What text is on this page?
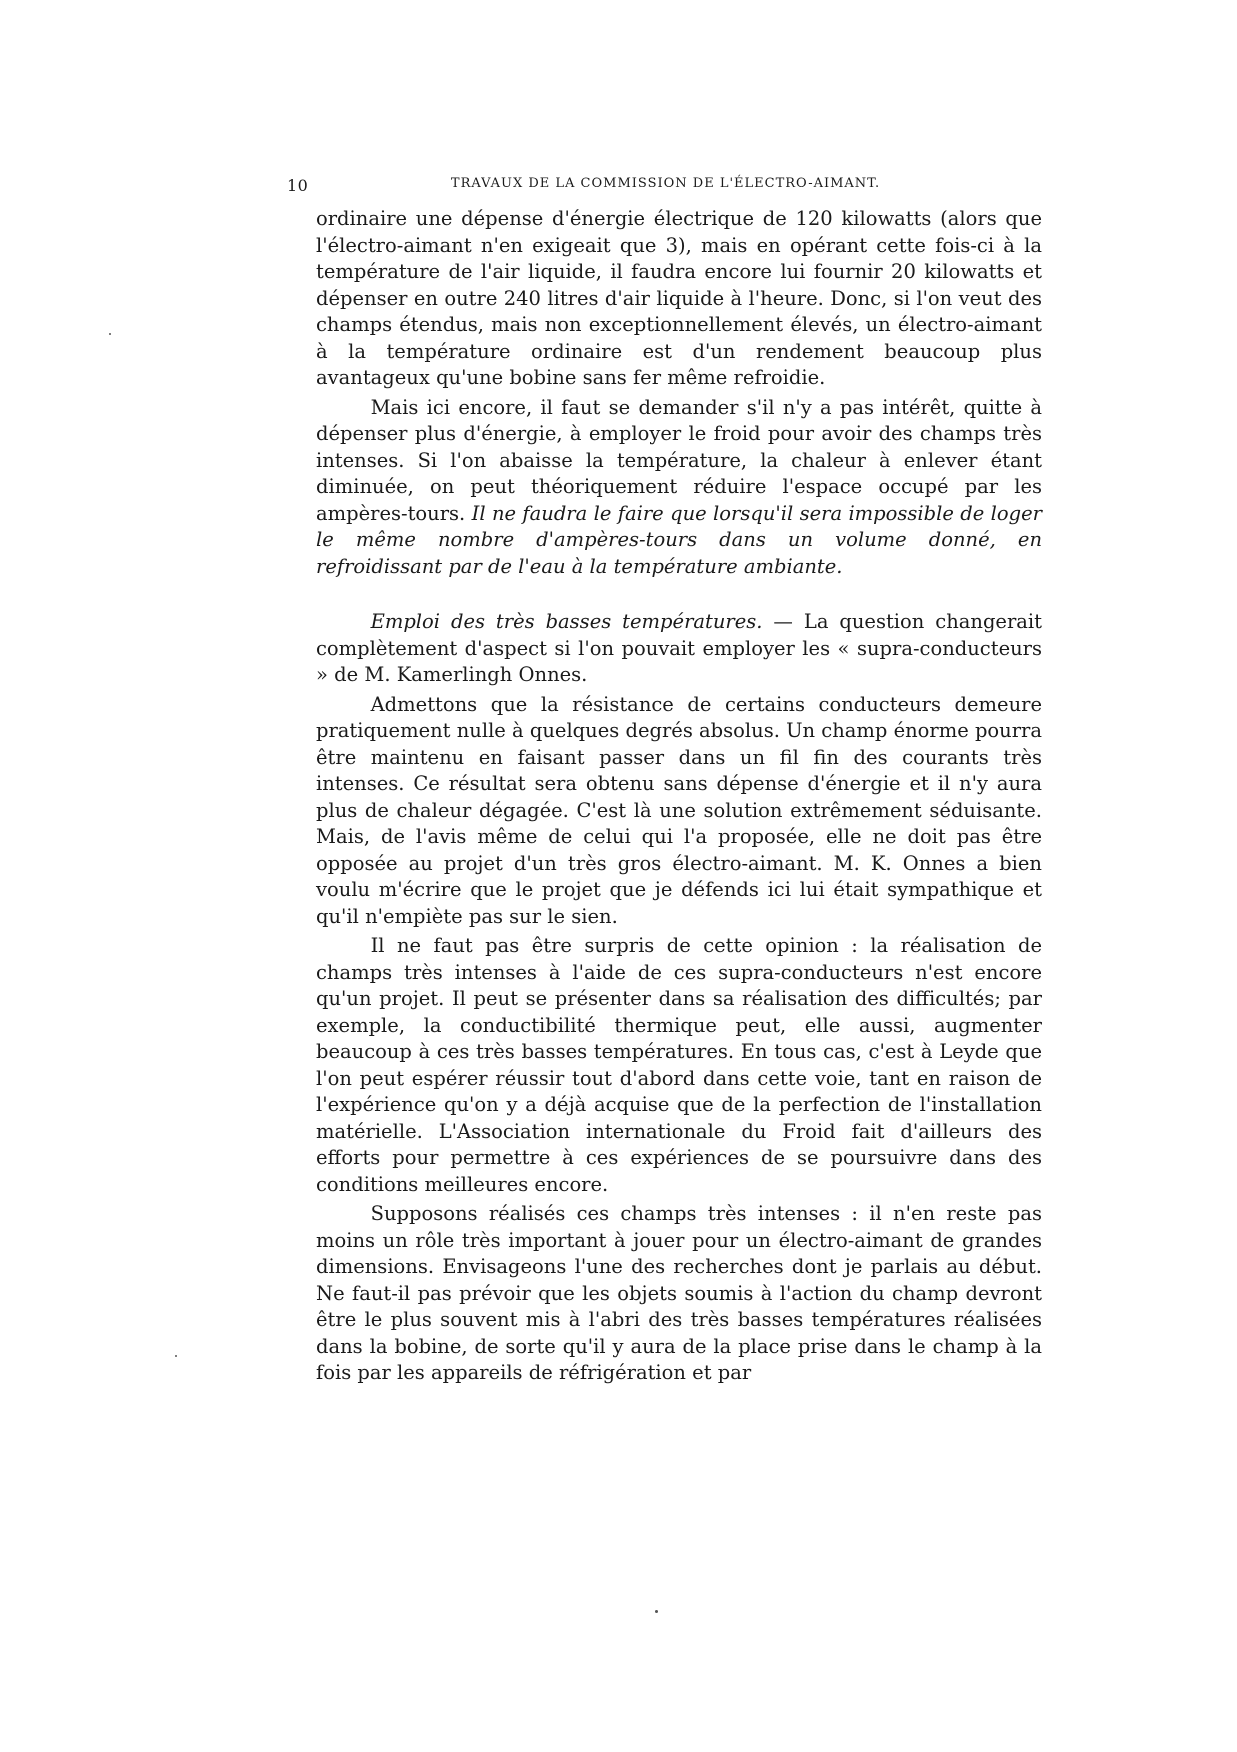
10	TRAVAUX DE LA COMMISSION DE L'ÉLECTRO-AIMANT.

ordinaire une dépense d'énergie électrique de 120 kilowatts (alors que l'électro-aimant n'en exigeait que 3), mais en opérant cette fois-ci à la température de l'air liquide, il faudra encore lui fournir 20 kilowatts et dépenser en outre 240 litres d'air liquide à l'heure. Donc, si l'on veut des champs étendus, mais non exceptionnellement élevés, un électro-aimant à la température ordinaire est d'un rendement beaucoup plus avantageux qu'une bobine sans fer même refroidie.

Mais ici encore, il faut se demander s'il n'y a pas intérêt, quitte à dépenser plus d'énergie, à employer le froid pour avoir des champs très intenses. Si l'on abaisse la température, la chaleur à enlever étant diminuée, on peut théoriquement réduire l'espace occupé par les ampères-tours. Il ne faudra le faire que lorsqu'il sera impossible de loger le même nombre d'ampères-tours dans un volume donné, en refroidissant par de l'eau à la température ambiante.

Emploi des très basses températures. — La question changerait complètement d'aspect si l'on pouvait employer les « supra-conducteurs » de M. Kamerlingh Onnes.

Admettons que la résistance de certains conducteurs demeure pratiquement nulle à quelques degrés absolus. Un champ énorme pourra être maintenu en faisant passer dans un fil fin des courants très intenses. Ce résultat sera obtenu sans dépense d'énergie et il n'y aura plus de chaleur dégagée. C'est là une solution extrêmement séduisante. Mais, de l'avis même de celui qui l'a proposée, elle ne doit pas être opposée au projet d'un très gros électro-aimant. M. K. Onnes a bien voulu m'écrire que le projet que je défends ici lui était sympathique et qu'il n'empiète pas sur le sien.

Il ne faut pas être surpris de cette opinion : la réalisation de champs très intenses à l'aide de ces supra-conducteurs n'est encore qu'un projet. Il peut se présenter dans sa réalisation des difficultés; par exemple, la conductibilité thermique peut, elle aussi, augmenter beaucoup à ces très basses températures. En tous cas, c'est à Leyde que l'on peut espérer réussir tout d'abord dans cette voie, tant en raison de l'expérience qu'on y a déjà acquise que de la perfection de l'installation matérielle. L'Association internationale du Froid fait d'ailleurs des efforts pour permettre à ces expériences de se poursuivre dans des conditions meilleures encore.

Supposons réalisés ces champs très intenses : il n'en reste pas moins un rôle très important à jouer pour un électro-aimant de grandes dimensions. Envisageons l'une des recherches dont je parlais au début. Ne faut-il pas prévoir que les objets soumis à l'action du champ devront être le plus souvent mis à l'abri des très basses températures réalisées dans la bobine, de sorte qu'il y aura de la place prise dans le champ à la fois par les appareils de réfrigération et par
